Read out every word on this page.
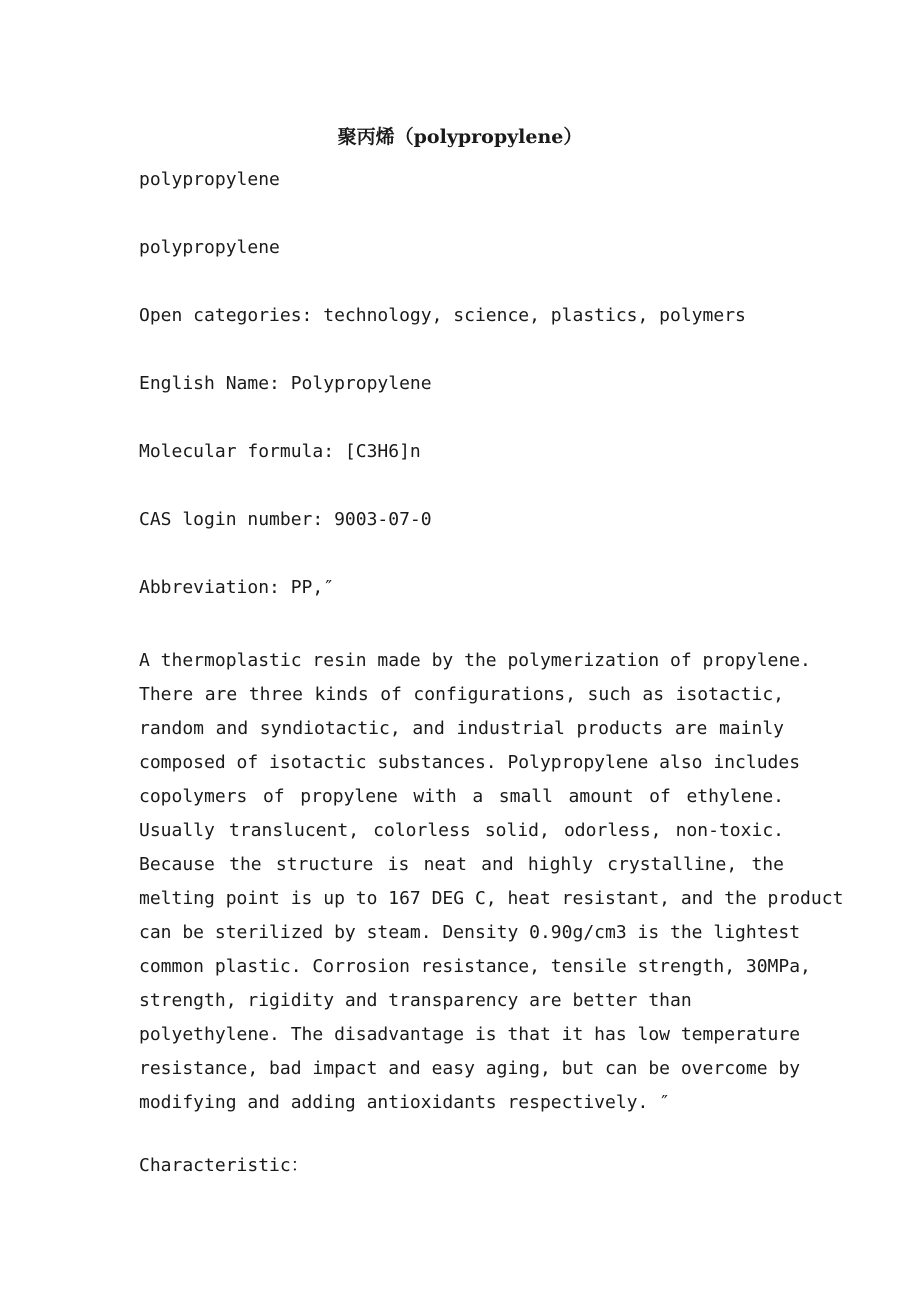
聚丙烯（polypropylene）
polypropylene
polypropylene
Open categories: technology, science, plastics, polymers
English Name: Polypropylene
Molecular formula: [C3H6]n
CAS login number: 9003-07-0
Abbreviation: PP,″
A thermoplastic resin made by the polymerization of propylene.
There are three kinds of configurations, such as isotactic,
random and syndiotactic, and industrial products are mainly
composed of isotactic substances. Polypropylene also includes
copolymers of propylene with a small amount of ethylene.
Usually translucent, colorless solid, odorless, non-toxic.
Because the structure is neat and highly crystalline, the
melting point is up to 167 DEG C, heat resistant, and the product
can be sterilized by steam. Density 0.90g/cm3 is the lightest
common plastic. Corrosion resistance, tensile strength, 30MPa,
strength, rigidity and transparency are better than
polyethylene. The disadvantage is that it has low temperature
resistance, bad impact and easy aging, but can be overcome by
modifying and adding antioxidants respectively. ″
Characteristic：
